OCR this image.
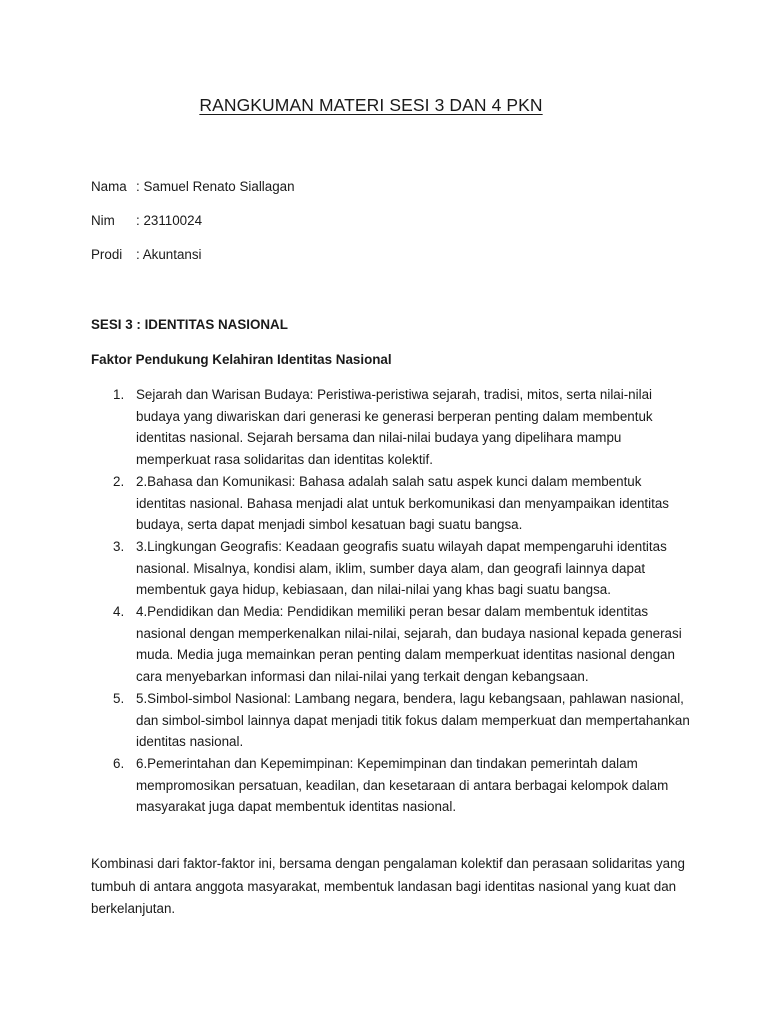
RANGKUMAN MATERI SESI 3 DAN 4 PKN
Nama : Samuel Renato Siallagan
Nim : 23110024
Prodi : Akuntansi
SESI 3 : IDENTITAS NASIONAL
Faktor Pendukung Kelahiran Identitas Nasional
1. Sejarah dan Warisan Budaya: Peristiwa-peristiwa sejarah, tradisi, mitos, serta nilai-nilai budaya yang diwariskan dari generasi ke generasi berperan penting dalam membentuk identitas nasional. Sejarah bersama dan nilai-nilai budaya yang dipelihara mampu memperkuat rasa solidaritas dan identitas kolektif.
2. 2.Bahasa dan Komunikasi: Bahasa adalah salah satu aspek kunci dalam membentuk identitas nasional. Bahasa menjadi alat untuk berkomunikasi dan menyampaikan identitas budaya, serta dapat menjadi simbol kesatuan bagi suatu bangsa.
3. 3.Lingkungan Geografis: Keadaan geografis suatu wilayah dapat mempengaruhi identitas nasional. Misalnya, kondisi alam, iklim, sumber daya alam, dan geografi lainnya dapat membentuk gaya hidup, kebiasaan, dan nilai-nilai yang khas bagi suatu bangsa.
4. 4.Pendidikan dan Media: Pendidikan memiliki peran besar dalam membentuk identitas nasional dengan memperkenalkan nilai-nilai, sejarah, dan budaya nasional kepada generasi muda. Media juga memainkan peran penting dalam memperkuat identitas nasional dengan cara menyebarkan informasi dan nilai-nilai yang terkait dengan kebangsaan.
5. 5.Simbol-simbol Nasional: Lambang negara, bendera, lagu kebangsaan, pahlawan nasional, dan simbol-simbol lainnya dapat menjadi titik fokus dalam memperkuat dan mempertahankan identitas nasional.
6. 6.Pemerintahan dan Kepemimpinan: Kepemimpinan dan tindakan pemerintah dalam mempromosikan persatuan, keadilan, dan kesetaraan di antara berbagai kelompok dalam masyarakat juga dapat membentuk identitas nasional.

Kombinasi dari faktor-faktor ini, bersama dengan pengalaman kolektif dan perasaan solidaritas yang tumbuh di antara anggota masyarakat, membentuk landasan bagi identitas nasional yang kuat dan berkelanjutan.
